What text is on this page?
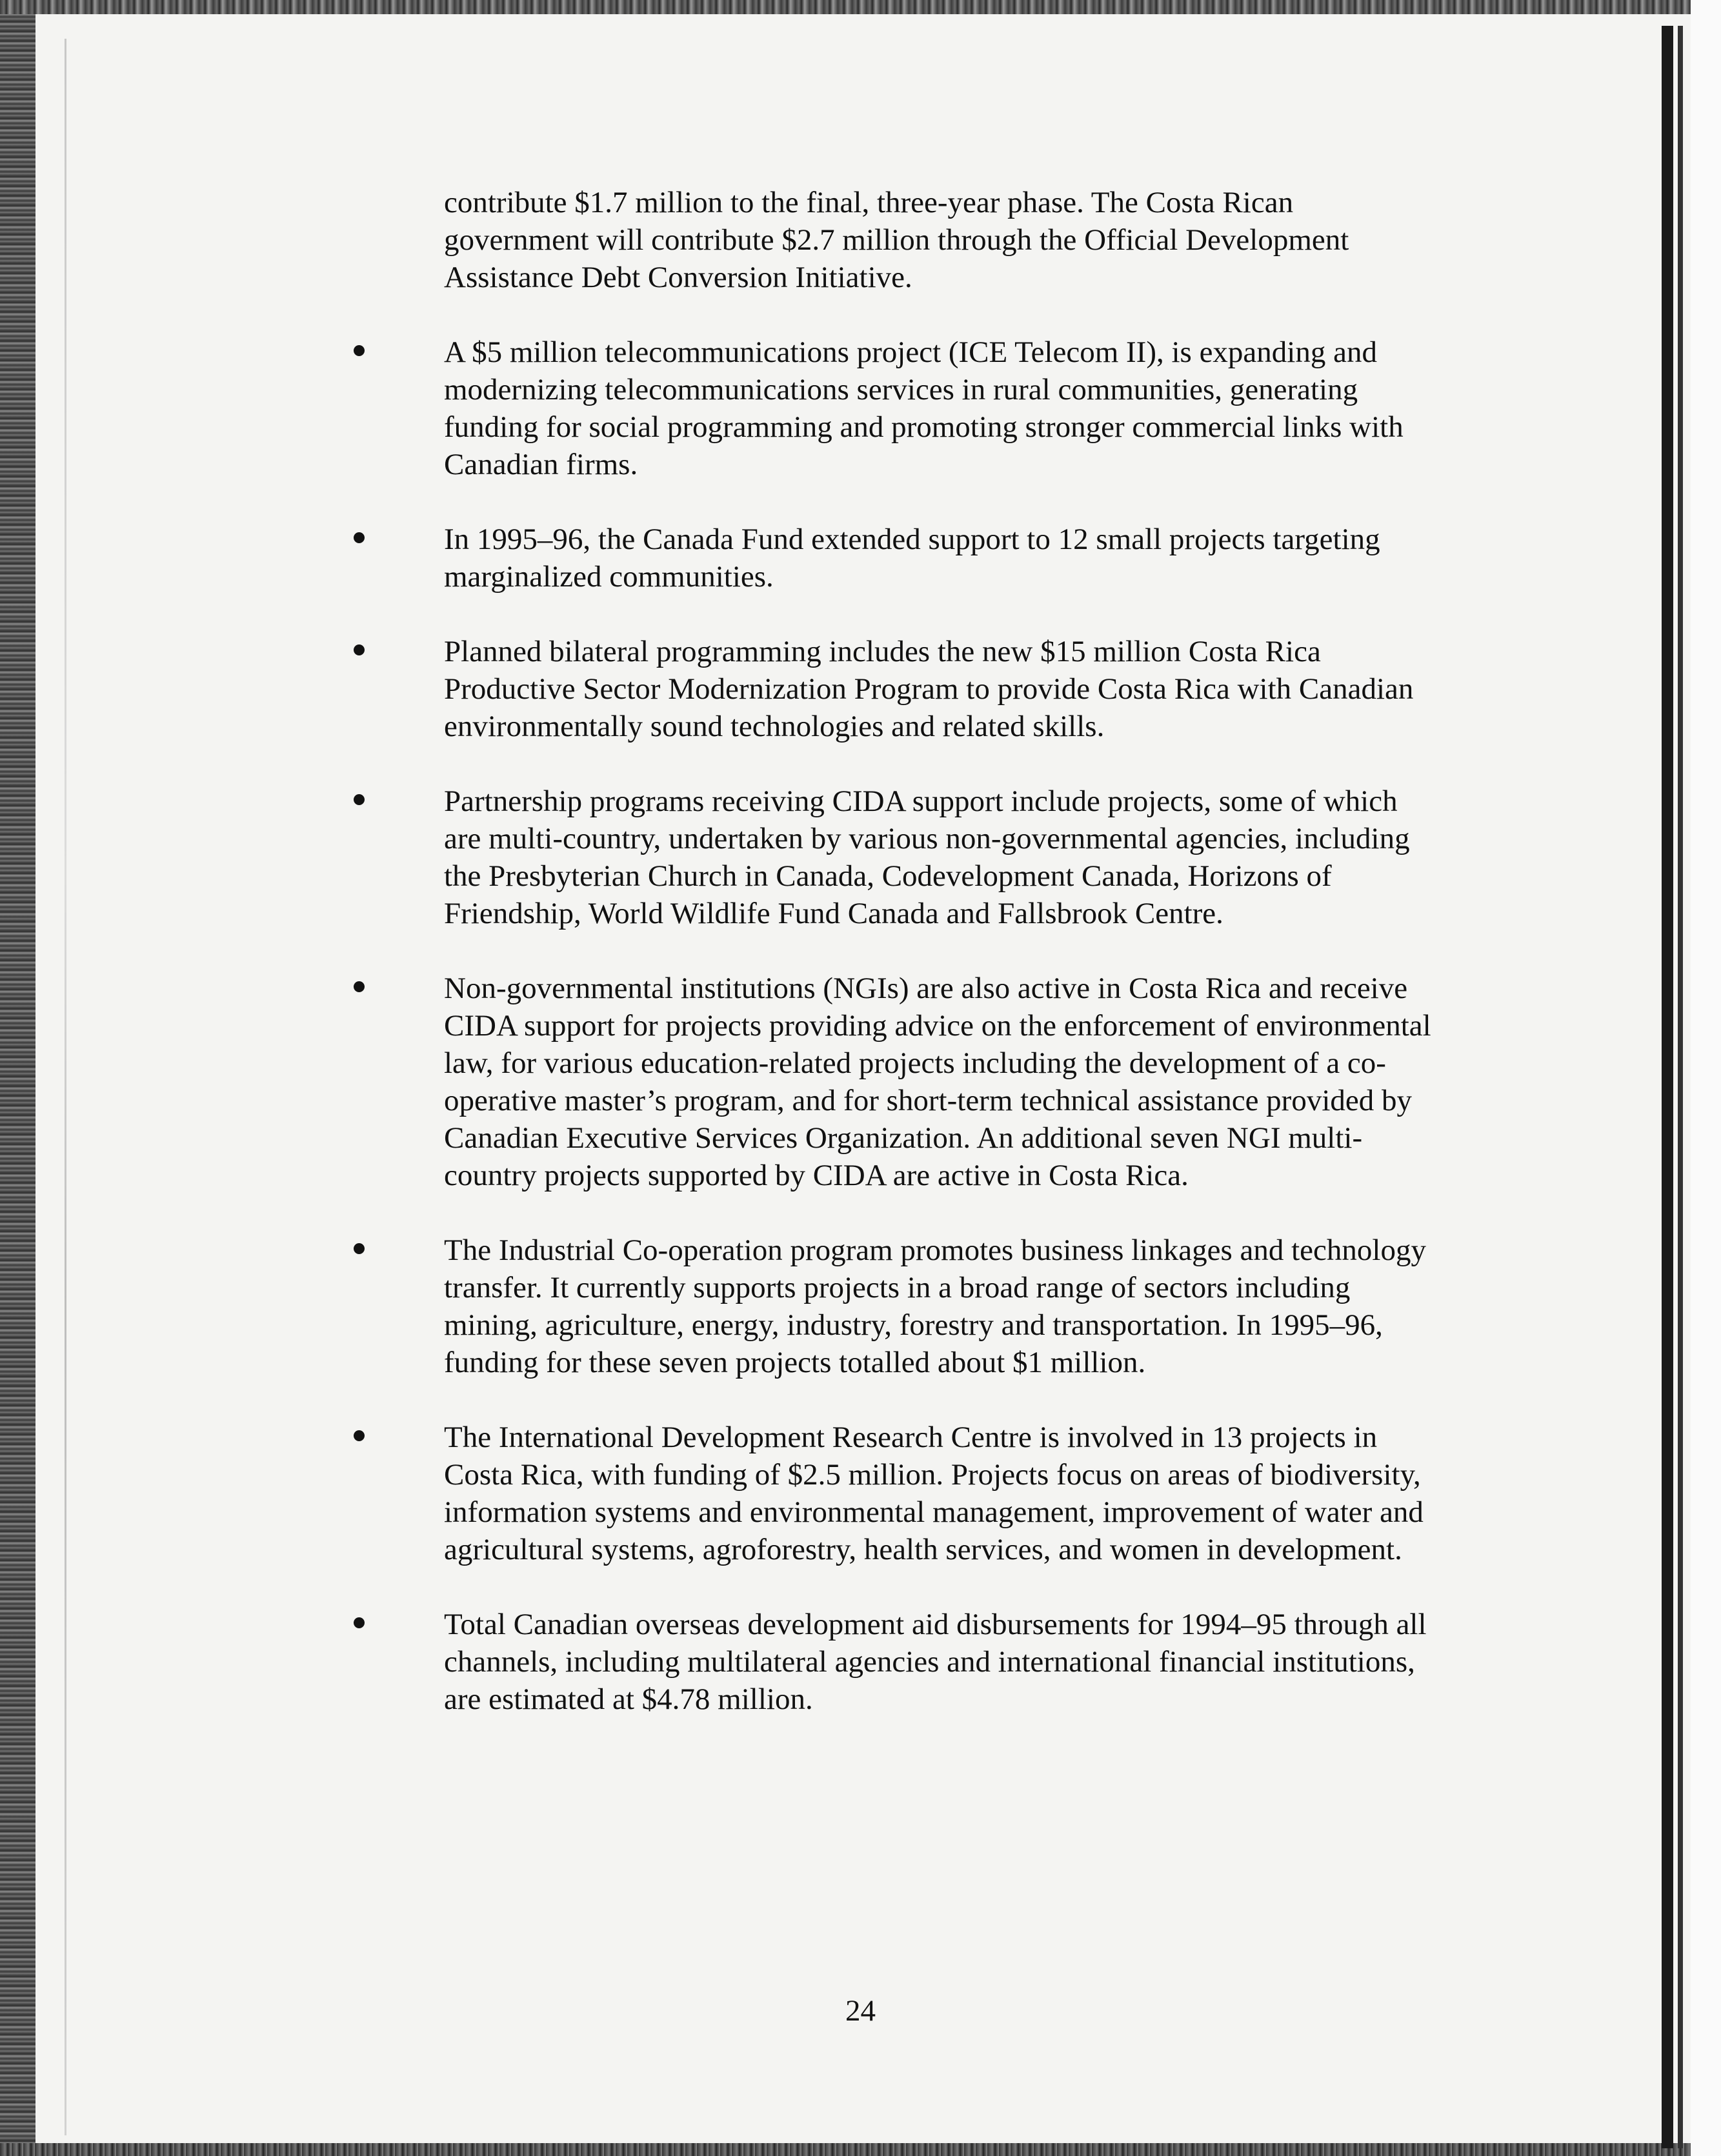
contribute $1.7 million to the final, three-year phase. The Costa Rican government will contribute $2.7 million through the Official Development Assistance Debt Conversion Initiative.

A $5 million telecommunications project (ICE Telecom II), is expanding and modernizing telecommunications services in rural communities, generating funding for social programming and promoting stronger commercial links with Canadian firms.
In 1995–96, the Canada Fund extended support to 12 small projects targeting marginalized communities.
Planned bilateral programming includes the new $15 million Costa Rica Productive Sector Modernization Program to provide Costa Rica with Canadian environmentally sound technologies and related skills.
Partnership programs receiving CIDA support include projects, some of which are multi-country, undertaken by various non-governmental agencies, including the Presbyterian Church in Canada, Codevelopment Canada, Horizons of Friendship, World Wildlife Fund Canada and Fallsbrook Centre.
Non-governmental institutions (NGIs) are also active in Costa Rica and receive CIDA support for projects providing advice on the enforcement of environmental law, for various education-related projects including the development of a co-operative master’s program, and for short-term technical assistance provided by Canadian Executive Services Organization. An additional seven NGI multi-country projects supported by CIDA are active in Costa Rica.
The Industrial Co-operation program promotes business linkages and technology transfer. It currently supports projects in a broad range of sectors including mining, agriculture, energy, industry, forestry and transportation. In 1995–96, funding for these seven projects totalled about $1 million.
The International Development Research Centre is involved in 13 projects in Costa Rica, with funding of $2.5 million. Projects focus on areas of biodiversity, information systems and environmental management, improvement of water and agricultural systems, agroforestry, health services, and women in development.
Total Canadian overseas development aid disbursements for 1994–95 through all channels, including multilateral agencies and international financial institutions, are estimated at $4.78 million.
24
